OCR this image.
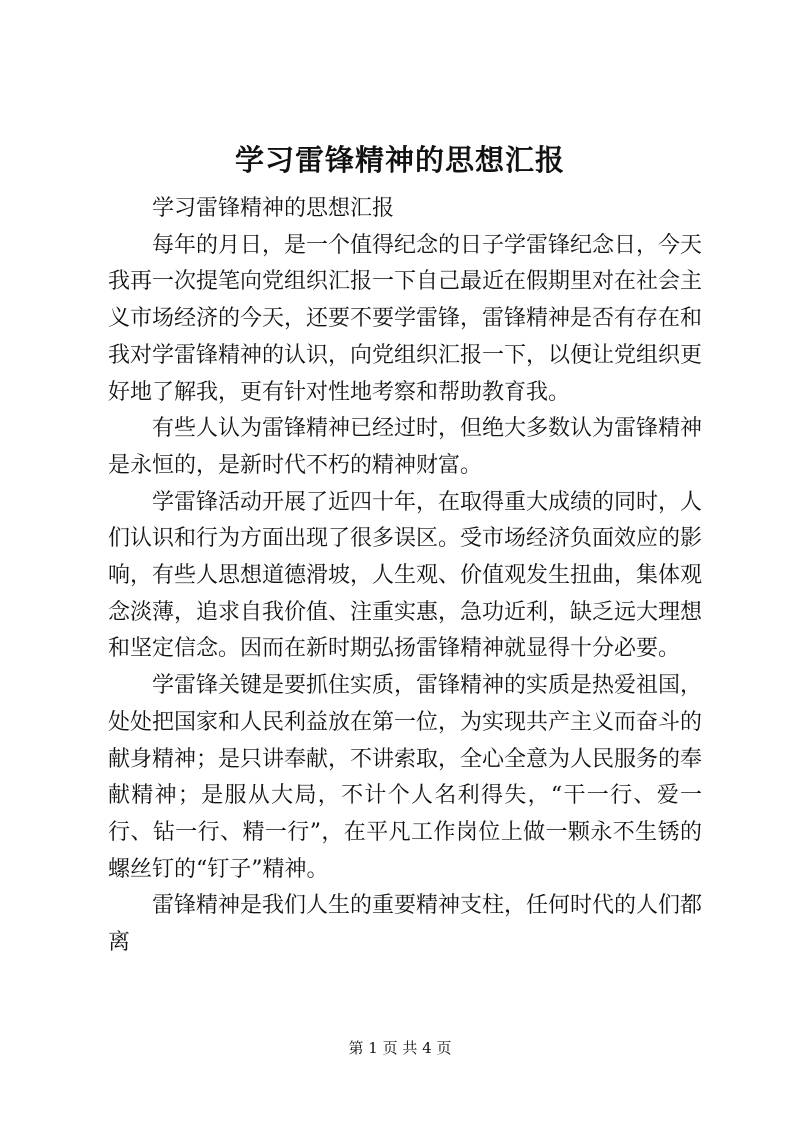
学习雷锋精神的思想汇报

学习雷锋精神的思想汇报

每年的月日，是一个值得纪念的日子学雷锋纪念日，今天我再一次提笔向党组织汇报一下自己最近在假期里对在社会主义市场经济的今天，还要不要学雷锋，雷锋精神是否有存在和我对学雷锋精神的认识，向党组织汇报一下，以便让党组织更好地了解我，更有针对性地考察和帮助教育我。

有些人认为雷锋精神已经过时，但绝大多数认为雷锋精神是永恒的，是新时代不朽的精神财富。

学雷锋活动开展了近四十年，在取得重大成绩的同时，人们认识和行为方面出现了很多误区。受市场经济负面效应的影响，有些人思想道德滑坡，人生观、价值观发生扭曲，集体观念淡薄，追求自我价值、注重实惠，急功近利，缺乏远大理想和坚定信念。因而在新时期弘扬雷锋精神就显得十分必要。

学雷锋关键是要抓住实质，雷锋精神的实质是热爱祖国，处处把国家和人民利益放在第一位，为实现共产主义而奋斗的献身精神；是只讲奉献，不讲索取，全心全意为人民服务的奉献精神；是服从大局，不计个人名利得失，“干一行、爱一行、钻一行、精一行”，在平凡工作岗位上做一颗永不生锈的螺丝钉的“钉子”精神。

雷锋精神是我们人生的重要精神支柱，任何时代的人们都离

第 1 页 共 4 页
